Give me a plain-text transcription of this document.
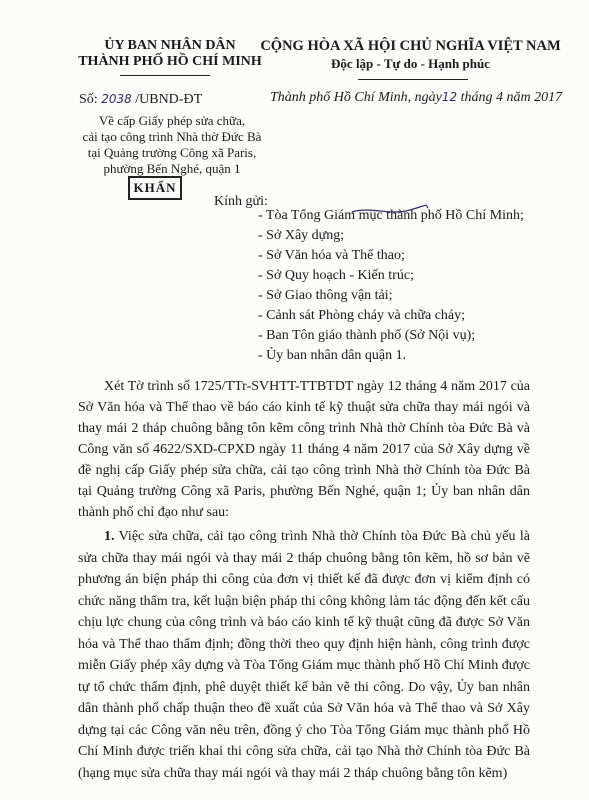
ỦY BAN NHÂN DÂN
THÀNH PHỐ HỒ CHÍ MINH
CỘNG HÒA XÃ HỘI CHỦ NGHĨA VIỆT NAM
Độc lập - Tự do - Hạnh phúc
Số: 2038 /UBND-ĐT	Thành phố Hồ Chí Minh, ngày12 tháng 4 năm 2017
Về cấp Giấy phép sửa chữa,
cải tạo công trình Nhà thờ Đức Bà
tại Quảng trường Công xã Paris,
phường Bến Nghé, quận 1
KHẨN
Kính gửi:
- Tòa Tổng Giám mục thành phố Hồ Chí Minh;
- Sở Xây dựng;
- Sở Văn hóa và Thể thao;
- Sở Quy hoạch - Kiến trúc;
- Sở Giao thông vận tải;
- Cảnh sát Phòng cháy và chữa cháy;
- Ban Tôn giáo thành phố (Sở Nội vụ);
- Ủy ban nhân dân quận 1.

Xét Tờ trình số 1725/TTr-SVHTT-TTBTDT ngày 12 tháng 4 năm 2017 của Sở Văn hóa và Thể thao về báo cáo kinh tế kỹ thuật sửa chữa thay mái ngói và thay mái 2 tháp chuông bằng tôn kẽm công trình Nhà thờ Chính tòa Đức Bà và Công văn số 4622/SXD-CPXD ngày 11 tháng 4 năm 2017 của Sở Xây dựng về đề nghị cấp Giấy phép sửa chữa, cải tạo công trình Nhà thờ Chính tòa Đức Bà tại Quảng trường Công xã Paris, phường Bến Nghé, quận 1; Ủy ban nhân dân thành phố chỉ đạo như sau:

1. Việc sửa chữa, cải tạo công trình Nhà thờ Chính tòa Đức Bà chủ yếu là sửa chữa thay mái ngói và thay mái 2 tháp chuông bằng tôn kẽm, hồ sơ bản vẽ phương án biện pháp thi công của đơn vị thiết kế đã được đơn vị kiểm định có chức năng thẩm tra, kết luận biện pháp thi công không làm tác động đến kết cấu chịu lực chung của công trình và báo cáo kinh tế kỹ thuật cũng đã được Sở Văn hóa và Thể thao thẩm định; đồng thời theo quy định hiện hành, công trình được miễn Giấy phép xây dựng và Tòa Tổng Giám mục thành phố Hồ Chí Minh được tự tổ chức thẩm định, phê duyệt thiết kế bản vẽ thi công. Do vậy, Ủy ban nhân dân thành phố chấp thuận theo đề xuất của Sở Văn hóa và Thể thao và Sở Xây dựng tại các Công văn nêu trên, đồng ý cho Tòa Tổng Giám mục thành phố Hồ Chí Minh được triển khai thi công sửa chữa, cải tạo Nhà thờ Chính tòa Đức Bà (hạng mục sửa chữa thay mái ngói và thay mái 2 tháp chuông bằng tôn kẽm)
